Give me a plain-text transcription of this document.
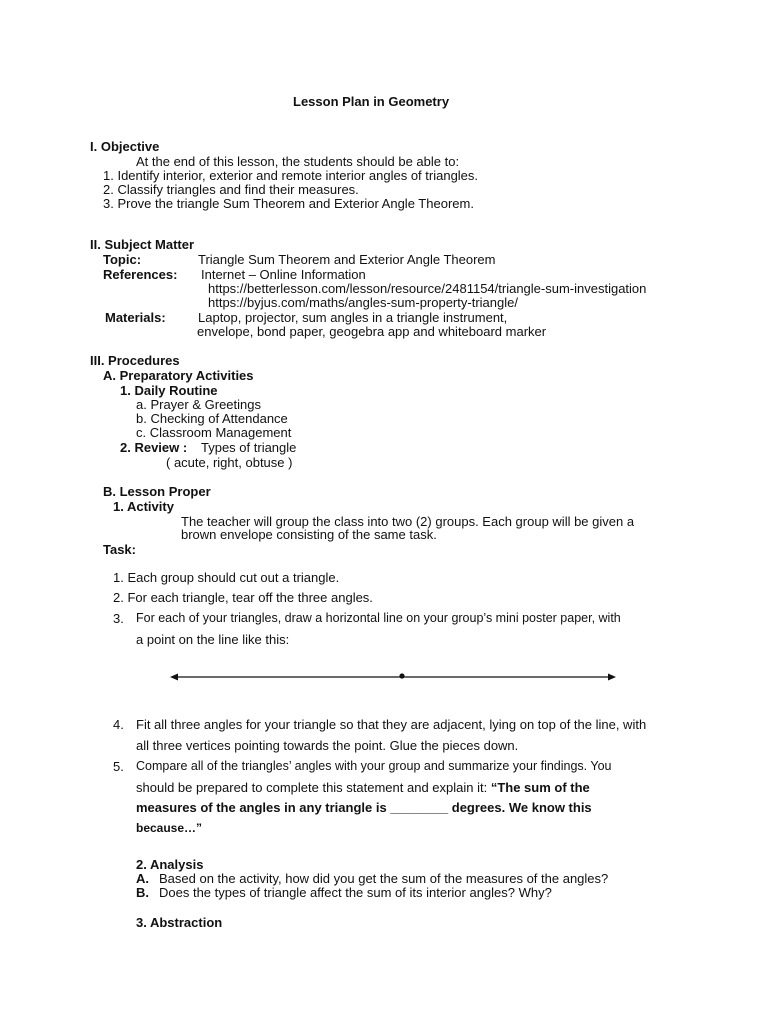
Lesson Plan in Geometry
I. Objective
At the end of this lesson, the students should be able to:
1. Identify interior, exterior and remote interior angles of triangles.
2. Classify triangles and find their measures.
3. Prove the triangle Sum Theorem and Exterior Angle Theorem.
II. Subject Matter
Topic:	Triangle Sum Theorem and Exterior Angle Theorem
References: Internet – Online Information
https://betterlesson.com/lesson/resource/2481154/triangle-sum-investigation
https://byjus.com/maths/angles-sum-property-triangle/
Materials: Laptop, projector, sum angles in a triangle instrument,
envelope, bond paper, geogebra app and whiteboard marker
III. Procedures
A. Preparatory Activities
1. Daily Routine
a. Prayer & Greetings
b. Checking of Attendance
c. Classroom Management
2. Review : Types of triangle
( acute, right, obtuse )
B. Lesson Proper
1. Activity
The teacher will group the class into two (2) groups. Each group will be given a
brown envelope consisting of the same task.
Task:
1. Each group should cut out a triangle.
2. For each triangle, tear off the three angles.
3. For each of your triangles, draw a horizontal line on your group’s mini poster paper, with
a point on the line like this:
4. Fit all three angles for your triangle so that they are adjacent, lying on top of the line, with
all three vertices pointing towards the point. Glue the pieces down.
5. Compare all of the triangles’ angles with your group and summarize your findings. You
should be prepared to complete this statement and explain it: “The sum of the
measures of the angles in any triangle is ________ degrees. We know this
because…”
2. Analysis
A. Based on the activity, how did you get the sum of the measures of the angles?
B. Does the types of triangle affect the sum of its interior angles? Why?
3. Abstraction
